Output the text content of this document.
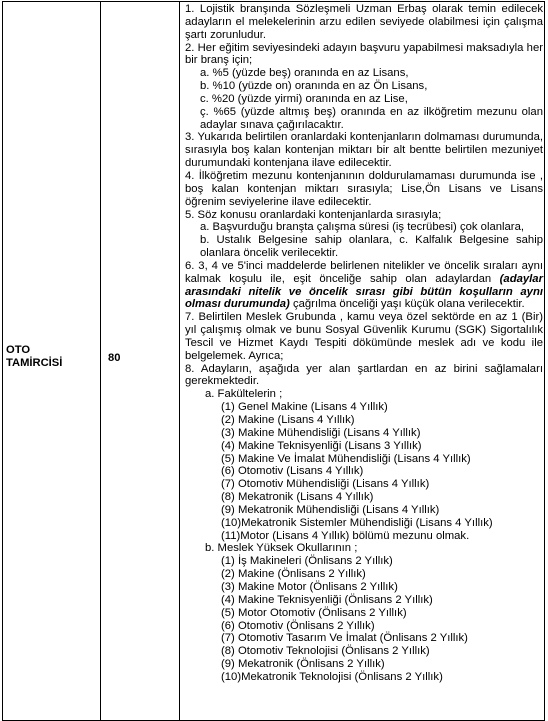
OTO
TAMİRCİSİ	80

1. Lojistik branşında Sözleşmeli Uzman Erbaş olarak temin edilecek adayların el melekelerinin arzu edilen seviyede olabilmesi için çalışma şartı zorunludur.

2. Her eğitim seviyesindeki adayın başvuru yapabilmesi maksadıyla her bir branş için;

a. %5 (yüzde beş) oranında en az Lisans,

b. %10 (yüzde on) oranında en az Ön Lisans,

c. %20 (yüzde yirmi) oranında en az Lise,

ç. %65 (yüzde altmış beş) oranında en az ilköğretim mezunu olan adaylar sınava çağırılacaktır.

3. Yukarıda belirtilen oranlardaki kontenjanların dolmaması durumunda, sırasıyla boş kalan kontenjan miktarı bir alt bentte belirtilen mezuniyet durumundaki kontenjana ilave edilecektir.

4. İlköğretim mezunu kontenjanının doldurulamaması durumunda ise , boş kalan kontenjan miktarı sırasıyla; Lise,Ön Lisans ve Lisans öğrenim seviyelerine ilave edilecektir.

5. Söz konusu oranlardaki kontenjanlarda sırasıyla;

a. Başvurduğu branşta çalışma süresi (iş tecrübesi) çok olanlara,

b. Ustalık Belgesine sahip olanlara, c. Kalfalık Belgesine sahip olanlara öncelik verilecektir.

6. 3, 4 ve 5'inci maddelerde belirlenen nitelikler ve öncelik sıraları aynı kalmak koşulu ile, eşit önceliğe sahip olan adaylardan (adaylar arasındaki nitelik ve öncelik sırası gibi bütün koşulların aynı olması durumunda) çağrılma önceliği yaşı küçük olana verilecektir.

7. Belirtilen Meslek Grubunda , kamu veya özel sektörde en az 1 (Bir) yıl çalışmış olmak ve bunu Sosyal Güvenlik Kurumu (SGK) Sigortalılık Tescil ve Hizmet Kaydı Tespiti dökümünde meslek adı ve kodu ile belgelemek. Ayrıca;

8. Adayların, aşağıda yer alan şartlardan en az birini sağlamaları gerekmektedir.

a. Fakültelerin ;

(1) Genel Makine (Lisans 4 Yıllık)

(2) Makine (Lisans 4 Yıllık)

(3) Makine Mühendisliği (Lisans 4 Yıllık)

(4) Makine Teknisyenliği (Lisans 3 Yıllık)

(5) Makine Ve İmalat Mühendisliği (Lisans 4 Yıllık)

(6) Otomotiv (Lisans 4 Yıllık)

(7) Otomotiv Mühendisliği (Lisans 4 Yıllık)

(8) Mekatronik (Lisans 4 Yıllık)

(9) Mekatronik Mühendisliği (Lisans 4 Yıllık)

(10)Mekatronik Sistemler Mühendisliği (Lisans 4 Yıllık)

(11)Motor (Lisans 4 Yıllık) bölümü mezunu olmak.

b. Meslek Yüksek Okullarının ;

(1) İş Makineleri (Önlisans 2 Yıllık)

(2) Makine (Önlisans 2 Yıllık)

(3) Makine Motor (Önlisans 2 Yıllık)

(4) Makine Teknisyenliği (Önlisans 2 Yıllık)

(5) Motor Otomotiv (Önlisans 2 Yıllık)

(6) Otomotiv (Önlisans 2 Yıllık)

(7) Otomotiv Tasarım Ve İmalat (Önlisans 2 Yıllık)

(8) Otomotiv Teknolojisi (Önlisans 2 Yıllık)

(9) Mekatronik (Önlisans 2 Yıllık)

(10)Mekatronik Teknolojisi (Önlisans 2 Yıllık)
